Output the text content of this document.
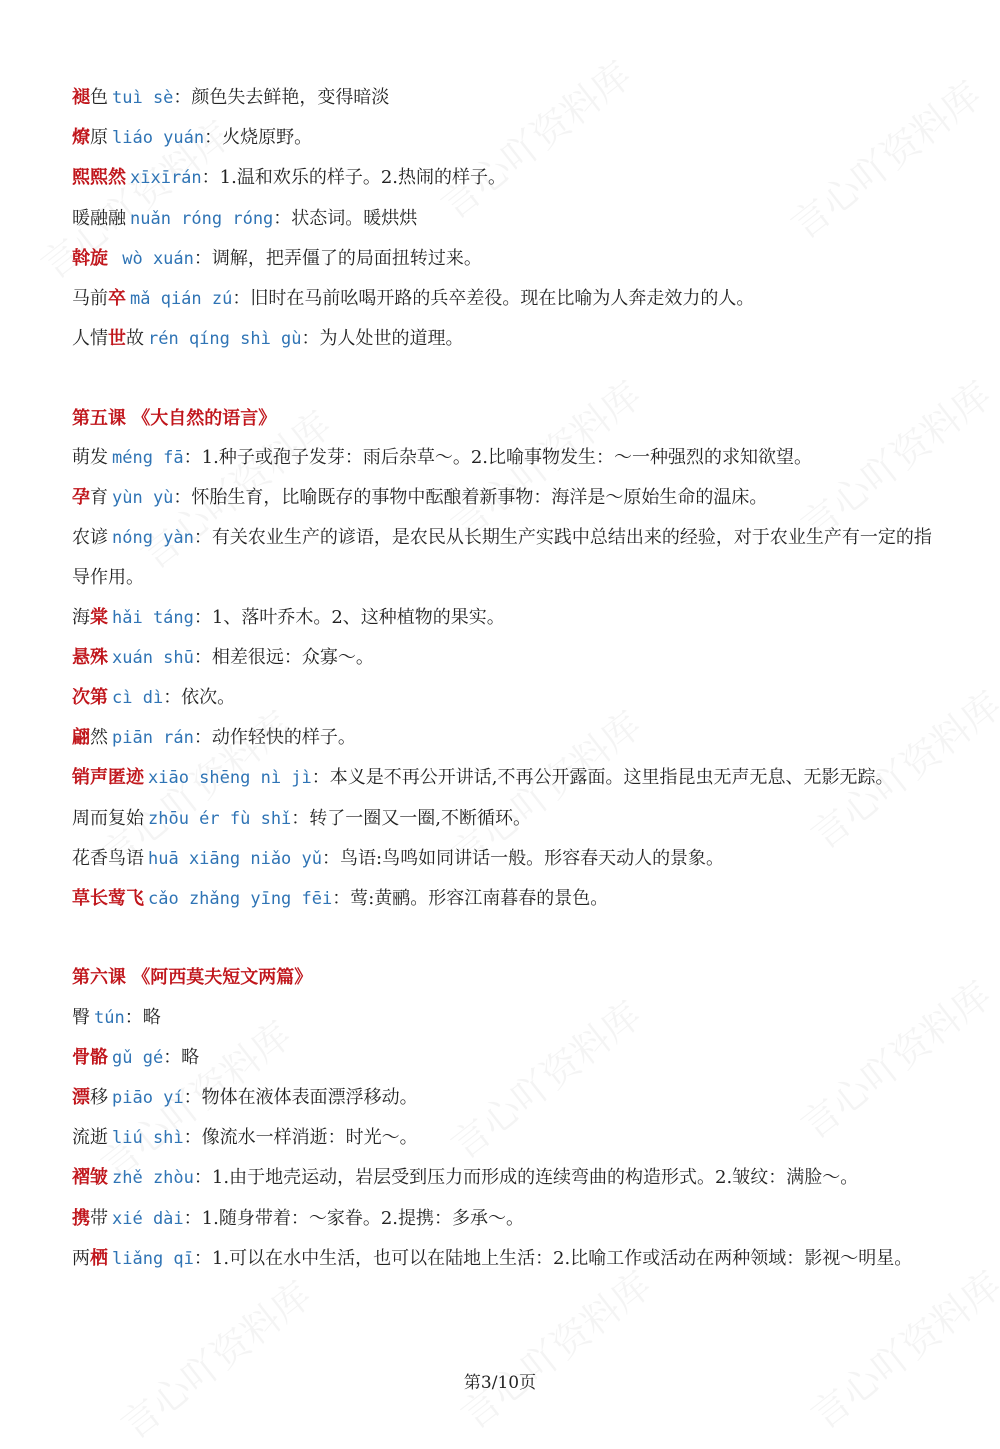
褪色 tuì sè：颜色失去鲜艳，变得暗淡
燎原 liáo yuán：火烧原野。
熙熙然 xīxīrán：1.温和欢乐的样子。2.热闹的样子。
暖融融 nuǎn róng róng：状态词。暖烘烘
斡旋 wò xuán：调解，把弄僵了的局面扭转过来。
马前卒 mǎ qián zú：旧时在马前吆喝开路的兵卒差役。现在比喻为人奔走效力的人。
人情世故 rén qíng shì gù：为人处世的道理。
第五课 《大自然的语言》
萌发 méng fā：1.种子或孢子发芽：雨后杂草～。2.比喻事物发生：～一种强烈的求知欲望。
孕育 yùn yù：怀胎生育，比喻既存的事物中酝酿着新事物：海洋是～原始生命的温床。
农谚 nóng yàn：有关农业生产的谚语，是农民从长期生产实践中总结出来的经验，对于农业生产有一定的指导作用。
海棠 hǎi táng：1、落叶乔木。2、这种植物的果实。
悬殊 xuán shū：相差很远：众寡～。
次第 cì dì：依次。
翩然 piān rán：动作轻快的样子。
销声匿迹 xiāo shēng nì jì：本义是不再公开讲话,不再公开露面。这里指昆虫无声无息、无影无踪。
周而复始 zhōu ér fù shǐ：转了一圈又一圈,不断循环。
花香鸟语 huā xiāng niǎo yǔ：鸟语:鸟鸣如同讲话一般。形容春天动人的景象。
草长莺飞 cǎo zhǎng yīng fēi：莺:黄鹂。形容江南暮春的景色。
第六课 《阿西莫夫短文两篇》
臀 tún：略
骨骼 gǔ gé：略
漂移 piāo yí：物体在液体表面漂浮移动。
流逝 liú shì：像流水一样消逝：时光～。
褶皱 zhě zhòu：1.由于地壳运动，岩层受到压力而形成的连续弯曲的构造形式。2.皱纹：满脸～。
携带 xié dài：1.随身带着：～家眷。2.提携：多承～。
两栖 liǎng qī：1.可以在水中生活，也可以在陆地上生活：2.比喻工作或活动在两种领域：影视～明星。
第3/10页
